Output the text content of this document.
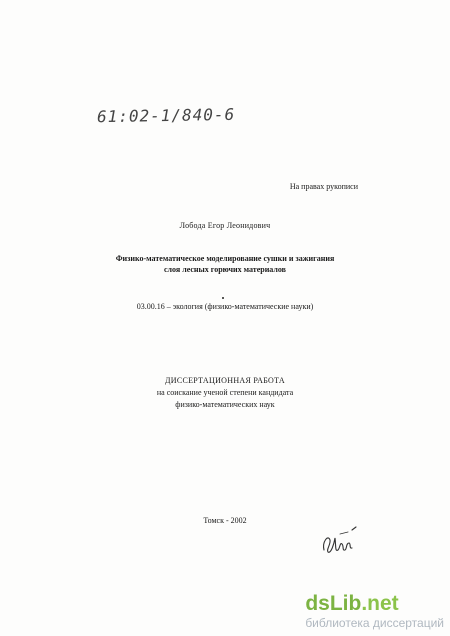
61:02-1/840-6
На правах рукописи
Лобода Егор Леонидович
Физико-математическое моделирование сушки и зажигания
слоя лесных горючих материалов
03.00.16 – экология (физико-математические науки)
ДИССЕРТАЦИОННАЯ РАБОТА
на соискание ученой степени кандидата
физико-математических наук
Томск - 2002
dsLib.net
библиотека диссертаций
